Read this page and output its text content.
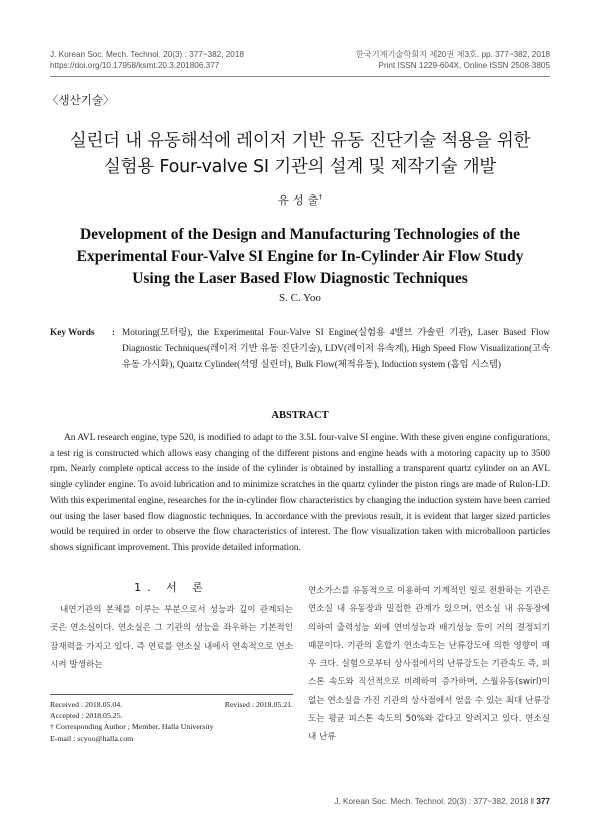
J. Korean Soc. Mech. Technol. 20(3) : 377~382, 2018
https://doi.org/10.17958/ksmt.20.3.201806.377
한국기계기술학회지 제20권 제3호. pp. 377~382, 2018
Print ISSN 1229-604X, Online ISSN 2508-3805
〈생산기술〉
실린더 내 유동해석에 레이저 기반 유동 진단기술 적용을 위한
실험용 Four-valve SI 기관의 설계 및 제작기술 개발
유 성 출†
Development of the Design and Manufacturing Technologies of the
Experimental Four-Valve SI Engine for In-Cylinder Air Flow Study
Using the Laser Based Flow Diagnostic Techniques
S. C. Yoo
Key Words	: Motoring(모터링), the Experimental Four-Valve SI Engine(실험용 4밸브 가솔린 기관), Laser Based Flow Diagnostic Techniques(레이저 기반 유동 진단기술), LDV(레이저 유속계), High Speed Flow Visualization(고속 유동 가시화), Quartz Cylinder(석영 실린더), Bulk Flow(체적유동), Induction system (흡입 시스템)
ABSTRACT

An AVL research engine, type 520, is modified to adapt to the 3.5L four-valve SI engine. With these given engine configurations, a test rig is constructed which allows easy changing of the different pistons and engine heads with a motoring capacity up to 3500 rpm. Nearly complete optical access to the inside of the cylinder is obtained by installing a transparent quartz cylinder on an AVL single cylinder engine. To avoid lubrication and to minimize scratches in the quartz cylinder the piston rings are made of Rulon-LD. With this experimental engine, researches for the in-cylinder flow characteristics by changing the induction system have been carried out using the laser based flow diagnostic techniques. In accordance with the previous result, it is evident that larger sized particles would be required in order to observe the flow characteristics of interest. The flow visualization taken with microballoon particles shows significant improvement. This provide detailed information.

1. 서 론

내연기관의 본체를 이루는 부분으로서 성능과 깊이 관계되는 곳은 연소실이다. 연소실은 그 기관의 성능을 좌우하는 기본적인 잠재력을 가지고 있다. 즉 연료를 연소실 내에서 연속적으로 연소시켜 발생하는

연소가스를 유동적으로 이용하여 기계적인 일로 전환하는 기관은 연소실 내 유동장과 밀접한 관계가 있으며, 연소실 내 유동장에 의하여 출력성능 외에 연비성능과 배기성능 등이 거의 결정되기 때문이다. 기관의 혼합기 연소속도는 난류강도에 의한 영향이 매우 크다. 실험으로부터 상사점에서의 난류강도는 기관속도 즉, 피스톤 속도와 직선적으로 비례하여 증가하며, 스월유동(swirl)이 없는 연소실을 가진 기관의 상사점에서 얻을 수 있는 최대 난류강도는 평균 피스톤 속도의 50%와 같다고 알려지고 있다. 연소실 내 난류

Received : 2018.05.04.	Revised : 2018.05.21.
Accepted : 2018.05.25.
† Corresponding Author ; Member, Halla University
E-mail : scyoo@halla.com
J. Korean Soc. Mech. Technol. 20(3) : 377~382, 2018 ‖ 377
